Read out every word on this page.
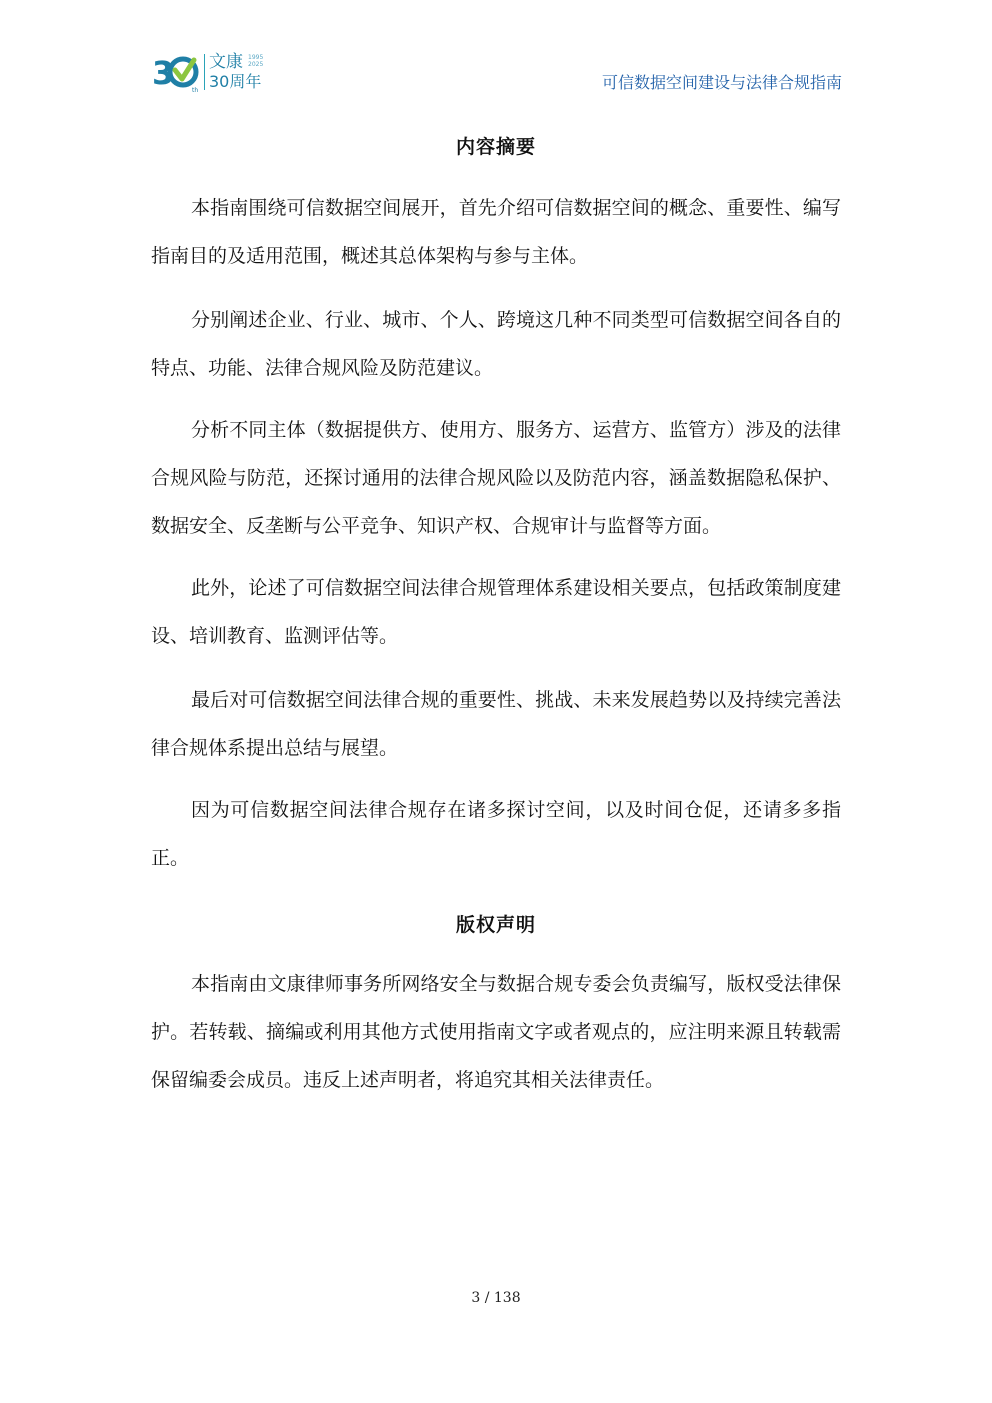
3	th
文康 1995
2025
30周年	可信数据空间建设与法律合规指南
内容摘要

本指南围绕可信数据空间展开，首先介绍可信数据空间的概念、重要性、编写指南目的及适用范围，概述其总体架构与参与主体。

分别阐述企业、行业、城市、个人、跨境这几种不同类型可信数据空间各自的特点、功能、法律合规风险及防范建议。

分析不同主体（数据提供方、使用方、服务方、运营方、监管方）涉及的法律合规风险与防范，还探讨通用的法律合规风险以及防范内容，涵盖数据隐私保护、数据安全、反垄断与公平竞争、知识产权、合规审计与监督等方面。

此外，论述了可信数据空间法律合规管理体系建设相关要点，包括政策制度建设、培训教育、监测评估等。

最后对可信数据空间法律合规的重要性、挑战、未来发展趋势以及持续完善法律合规体系提出总结与展望。

因为可信数据空间法律合规存在诸多探讨空间，以及时间仓促，还请多多指正。

版权声明

本指南由文康律师事务所网络安全与数据合规专委会负责编写，版权受法律保护。若转载、摘编或利用其他方式使用指南文字或者观点的，应注明来源且转载需保留编委会成员。违反上述声明者，将追究其相关法律责任。

3 / 138
